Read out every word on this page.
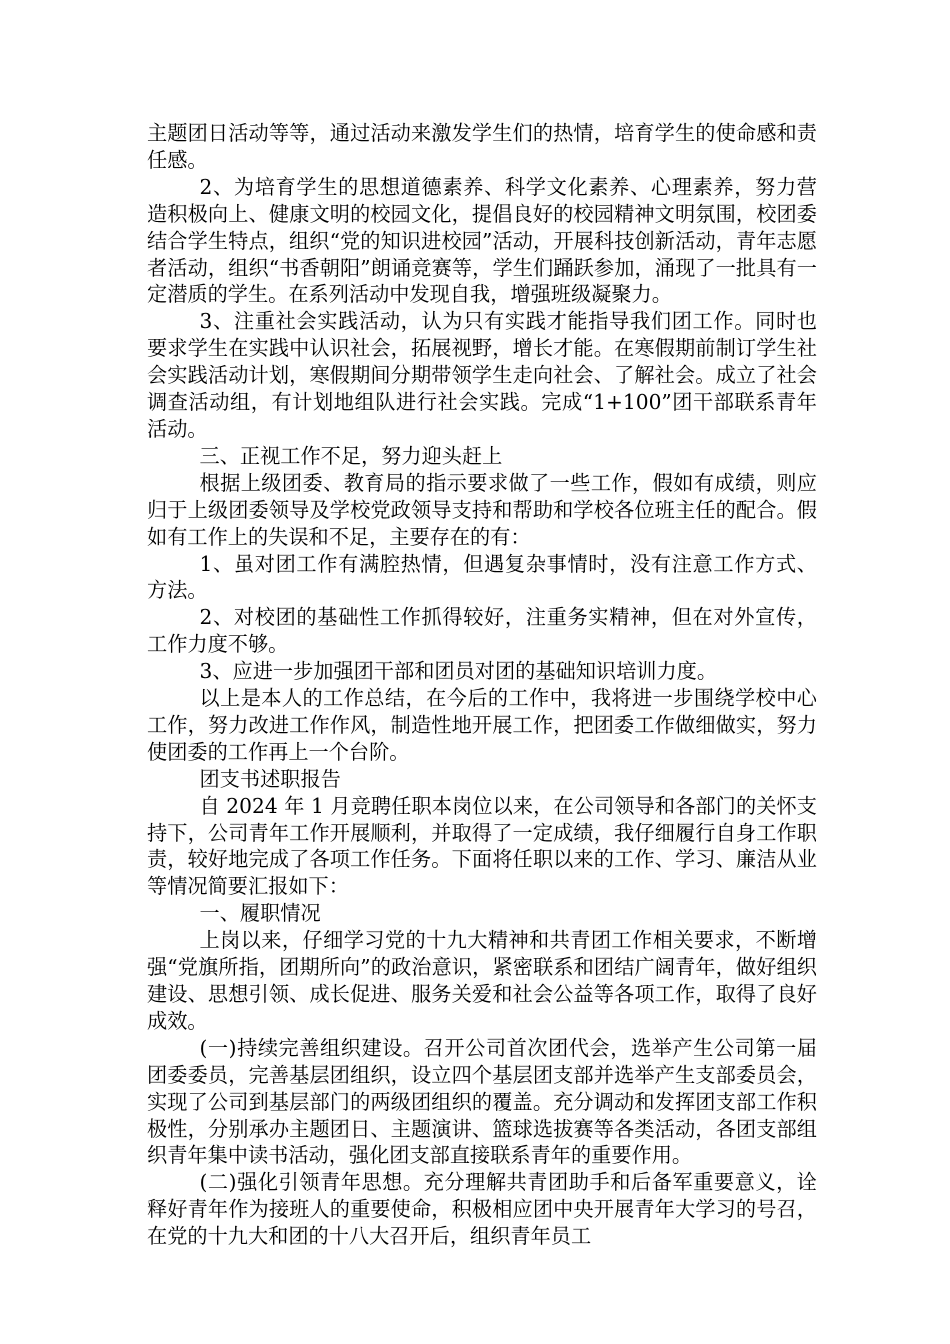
主题团日活动等等，通过活动来激发学生们的热情，培育学生的使命感和责任感。

2、为培育学生的思想道德素养、科学文化素养、心理素养，努力营造积极向上、健康文明的校园文化，提倡良好的校园精神文明氛围，校团委结合学生特点，组织“党的知识进校园”活动，开展科技创新活动，青年志愿者活动，组织“书香朝阳”朗诵竞赛等，学生们踊跃参加，涌现了一批具有一定潜质的学生。在系列活动中发现自我，增强班级凝聚力。

3、注重社会实践活动，认为只有实践才能指导我们团工作。同时也要求学生在实践中认识社会，拓展视野，增长才能。在寒假期前制订学生社会实践活动计划，寒假期间分期带领学生走向社会、了解社会。成立了社会调查活动组，有计划地组队进行社会实践。完成“1+100”团干部联系青年活动。

三、正视工作不足，努力迎头赶上

根据上级团委、教育局的指示要求做了一些工作，假如有成绩，则应归于上级团委领导及学校党政领导支持和帮助和学校各位班主任的配合。假如有工作上的失误和不足，主要存在的有：

1、虽对团工作有满腔热情，但遇复杂事情时，没有注意工作方式、方法。

2、对校团的基础性工作抓得较好，注重务实精神，但在对外宣传，工作力度不够。

3、应进一步加强团干部和团员对团的基础知识培训力度。

以上是本人的工作总结，在今后的工作中，我将进一步围绕学校中心工作，努力改进工作作风，制造性地开展工作，把团委工作做细做实，努力使团委的工作再上一个台阶。

团支书述职报告

自 2024 年 1 月竞聘任职本岗位以来，在公司领导和各部门的关怀支持下，公司青年工作开展顺利，并取得了一定成绩，我仔细履行自身工作职责，较好地完成了各项工作任务。下面将任职以来的工作、学习、廉洁从业等情况简要汇报如下：

一、履职情况

上岗以来，仔细学习党的十九大精神和共青团工作相关要求，不断增强“党旗所指，团期所向”的政治意识，紧密联系和团结广阔青年，做好组织建设、思想引领、成长促进、服务关爱和社会公益等各项工作，取得了良好成效。

(一)持续完善组织建设。召开公司首次团代会，选举产生公司第一届团委委员，完善基层团组织，设立四个基层团支部并选举产生支部委员会，实现了公司到基层部门的两级团组织的覆盖。充分调动和发挥团支部工作积极性，分别承办主题团日、主题演讲、篮球选拔赛等各类活动，各团支部组织青年集中读书活动，强化团支部直接联系青年的重要作用。

(二)强化引领青年思想。充分理解共青团助手和后备军重要意义，诠释好青年作为接班人的重要使命，积极相应团中央开展青年大学习的号召，在党的十九大和团的十八大召开后，组织青年员工
